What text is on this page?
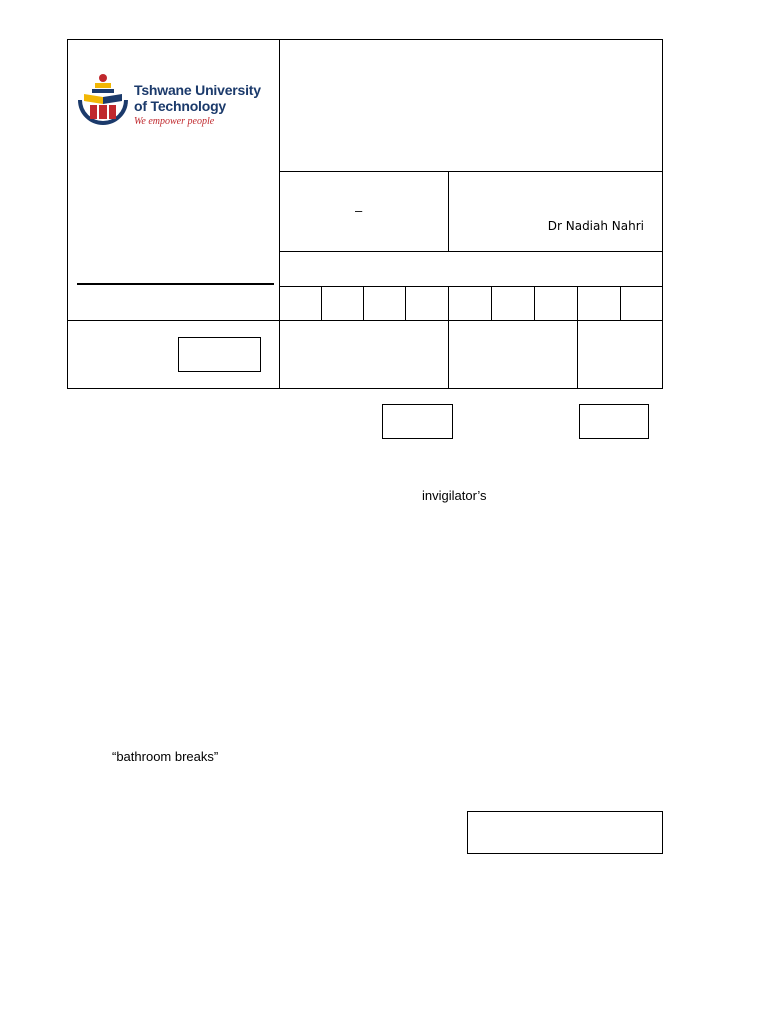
Tshwane University
of Technology
We empower people
–
Dr Nadiah Nahri
invigilator’s
“bathroom breaks”
